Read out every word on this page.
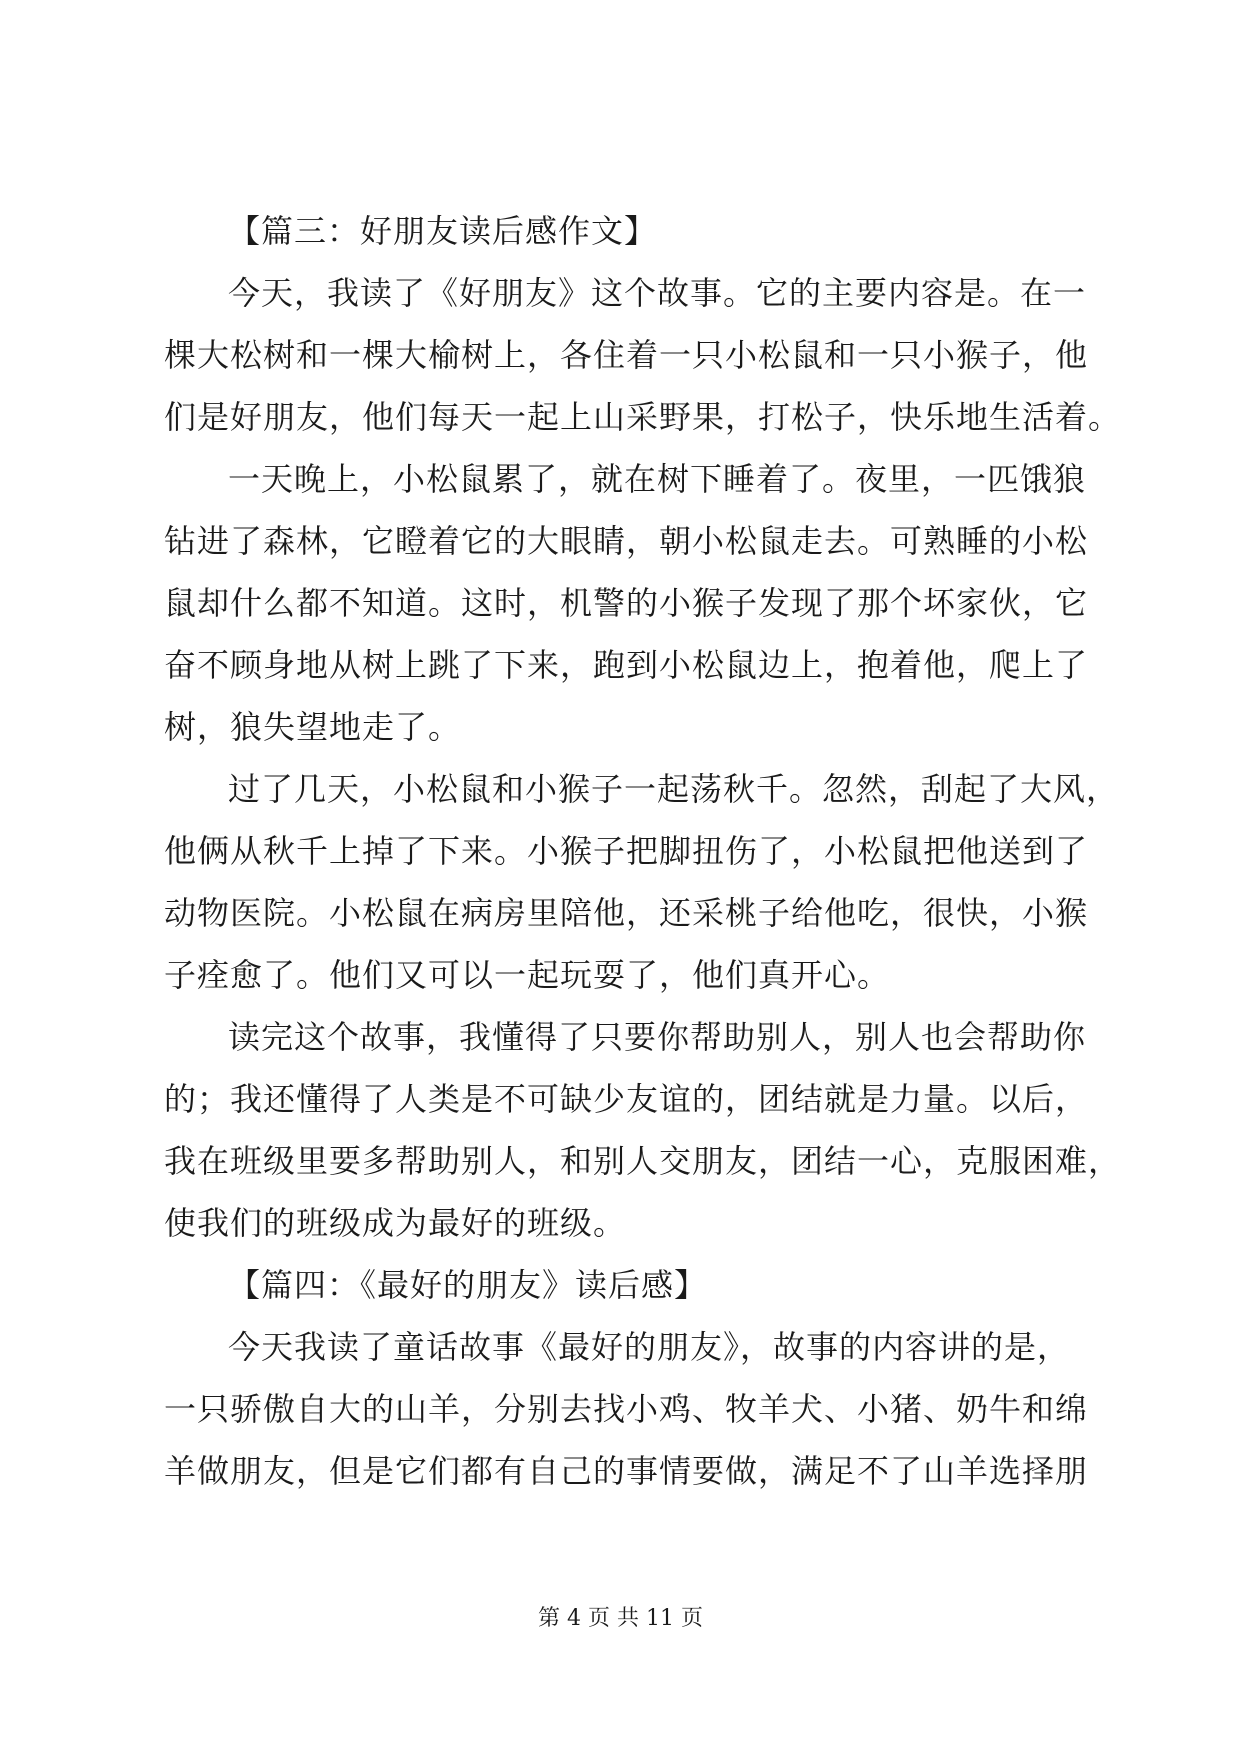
【篇三：好朋友读后感作文】
今天，我读了《好朋友》这个故事。它的主要内容是。在一
棵大松树和一棵大榆树上，各住着一只小松鼠和一只小猴子，他
们是好朋友，他们每天一起上山采野果，打松子，快乐地生活着。
一天晚上，小松鼠累了，就在树下睡着了。夜里，一匹饿狼
钻进了森林，它瞪着它的大眼睛，朝小松鼠走去。可熟睡的小松
鼠却什么都不知道。这时，机警的小猴子发现了那个坏家伙，它
奋不顾身地从树上跳了下来，跑到小松鼠边上，抱着他，爬上了
树，狼失望地走了。
过了几天，小松鼠和小猴子一起荡秋千。忽然，刮起了大风，
他俩从秋千上掉了下来。小猴子把脚扭伤了，小松鼠把他送到了
动物医院。小松鼠在病房里陪他，还采桃子给他吃，很快，小猴
子痊愈了。他们又可以一起玩耍了，他们真开心。
读完这个故事，我懂得了只要你帮助别人，别人也会帮助你
的；我还懂得了人类是不可缺少友谊的，团结就是力量。以后，
我在班级里要多帮助别人，和别人交朋友，团结一心，克服困难，
使我们的班级成为最好的班级。
【篇四：《最好的朋友》读后感】
今天我读了童话故事《最好的朋友》，故事的内容讲的是，
一只骄傲自大的山羊，分别去找小鸡、牧羊犬、小猪、奶牛和绵
羊做朋友，但是它们都有自己的事情要做，满足不了山羊选择朋
第 4 页 共 11 页
